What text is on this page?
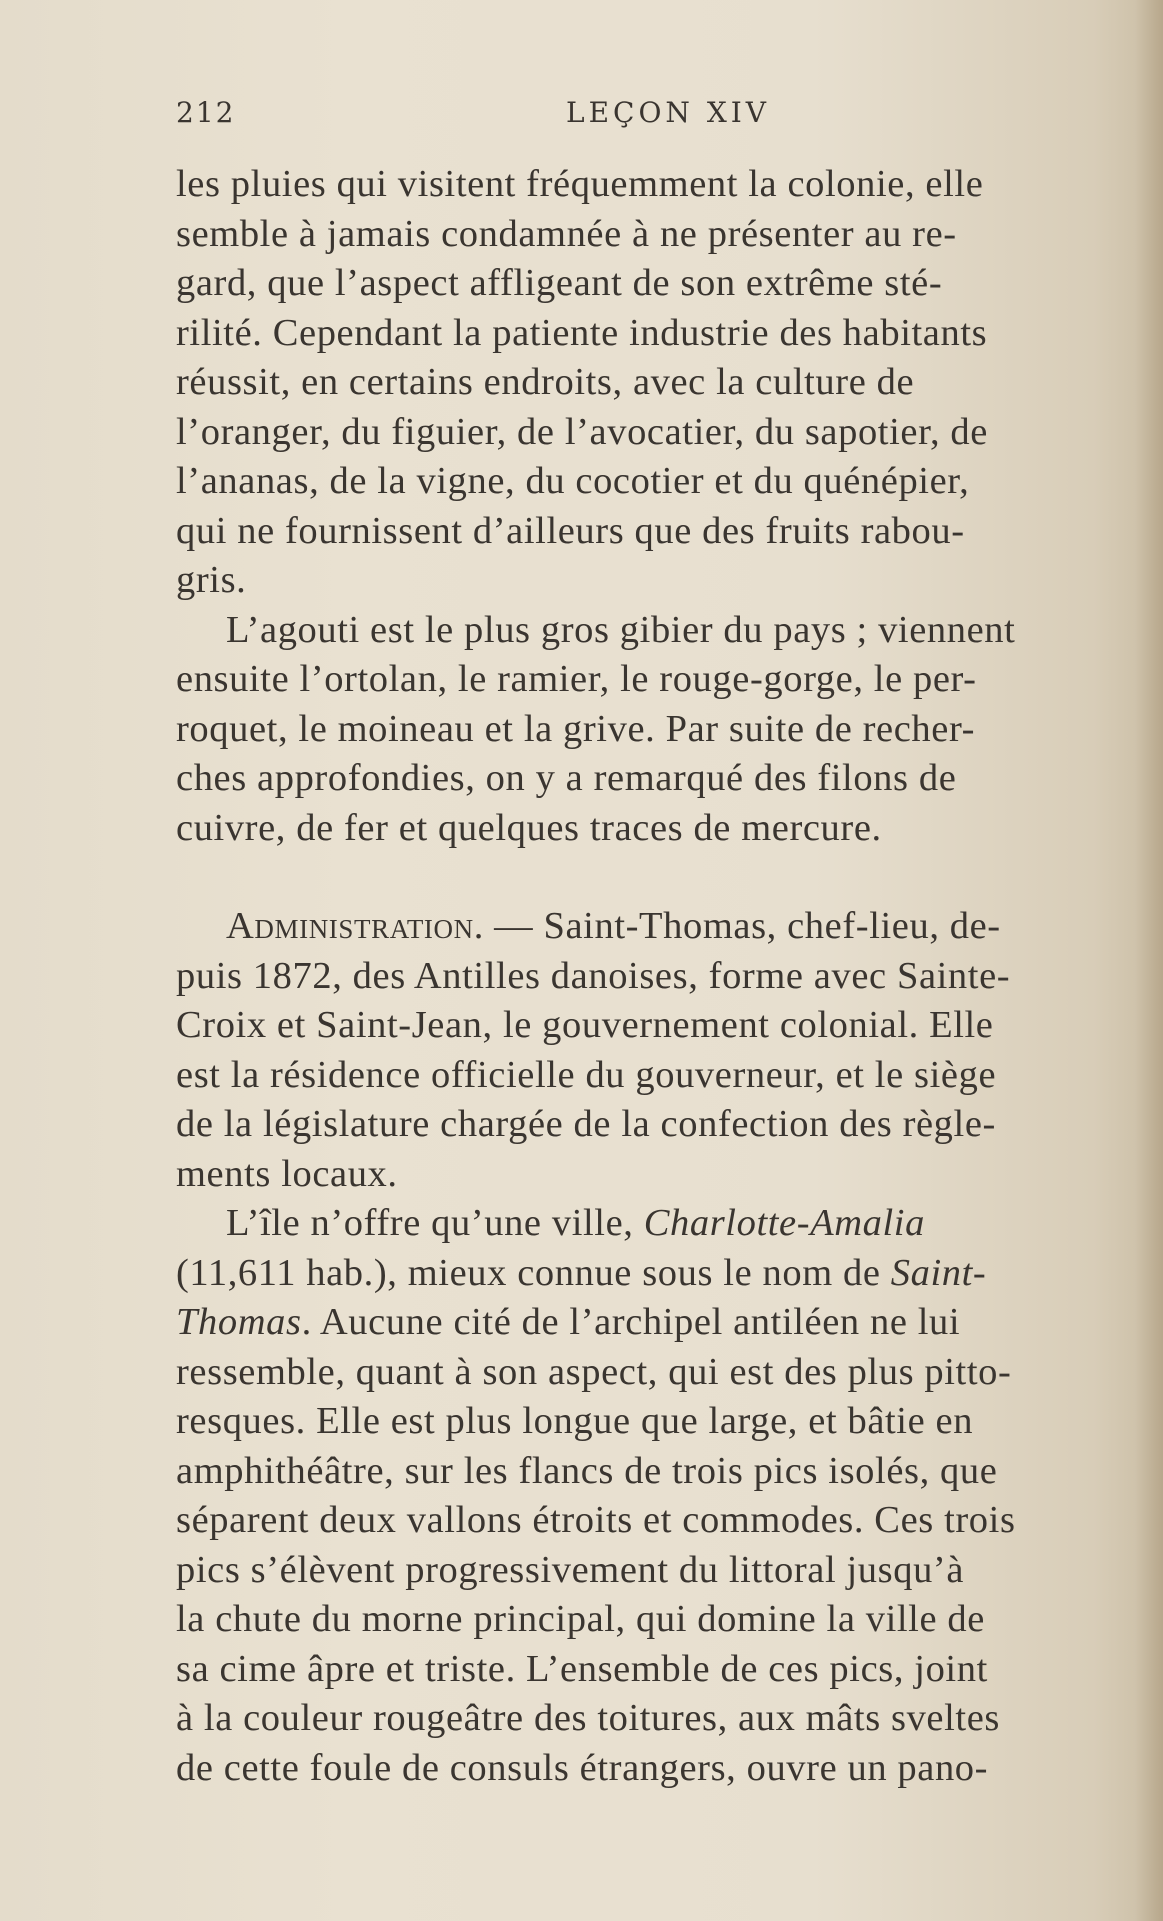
212	LEÇON XIV
les pluies qui visitent fréquemment la colonie, elle
semble à jamais condamnée à ne présenter au re-
gard, que l’aspect affligeant de son extrême sté-
rilité. Cependant la patiente industrie des habitants
réussit, en certains endroits, avec la culture de
l’oranger, du figuier, de l’avocatier, du sapotier, de
l’ananas, de la vigne, du cocotier et du quénépier,
qui ne fournissent d’ailleurs que des fruits rabou-
gris.
L’agouti est le plus gros gibier du pays ; viennent
ensuite l’ortolan, le ramier, le rouge-gorge, le per-
roquet, le moineau et la grive. Par suite de recher-
ches approfondies, on y a remarqué des filons de
cuivre, de fer et quelques traces de mercure.
Administration. — Saint-Thomas, chef-lieu, de-
puis 1872, des Antilles danoises, forme avec Sainte-
Croix et Saint-Jean, le gouvernement colonial. Elle
est la résidence officielle du gouverneur, et le siège
de la législature chargée de la confection des règle-
ments locaux.
L’île n’offre qu’une ville, Charlotte-Amalia
(11,611 hab.), mieux connue sous le nom de Saint-
Thomas. Aucune cité de l’archipel antiléen ne lui
ressemble, quant à son aspect, qui est des plus pitto-
resques. Elle est plus longue que large, et bâtie en
amphithéâtre, sur les flancs de trois pics isolés, que
séparent deux vallons étroits et commodes. Ces trois
pics s’élèvent progressivement du littoral jusqu’à
la chute du morne principal, qui domine la ville de
sa cime âpre et triste. L’ensemble de ces pics, joint
à la couleur rougeâtre des toitures, aux mâts sveltes
de cette foule de consuls étrangers, ouvre un pano-
